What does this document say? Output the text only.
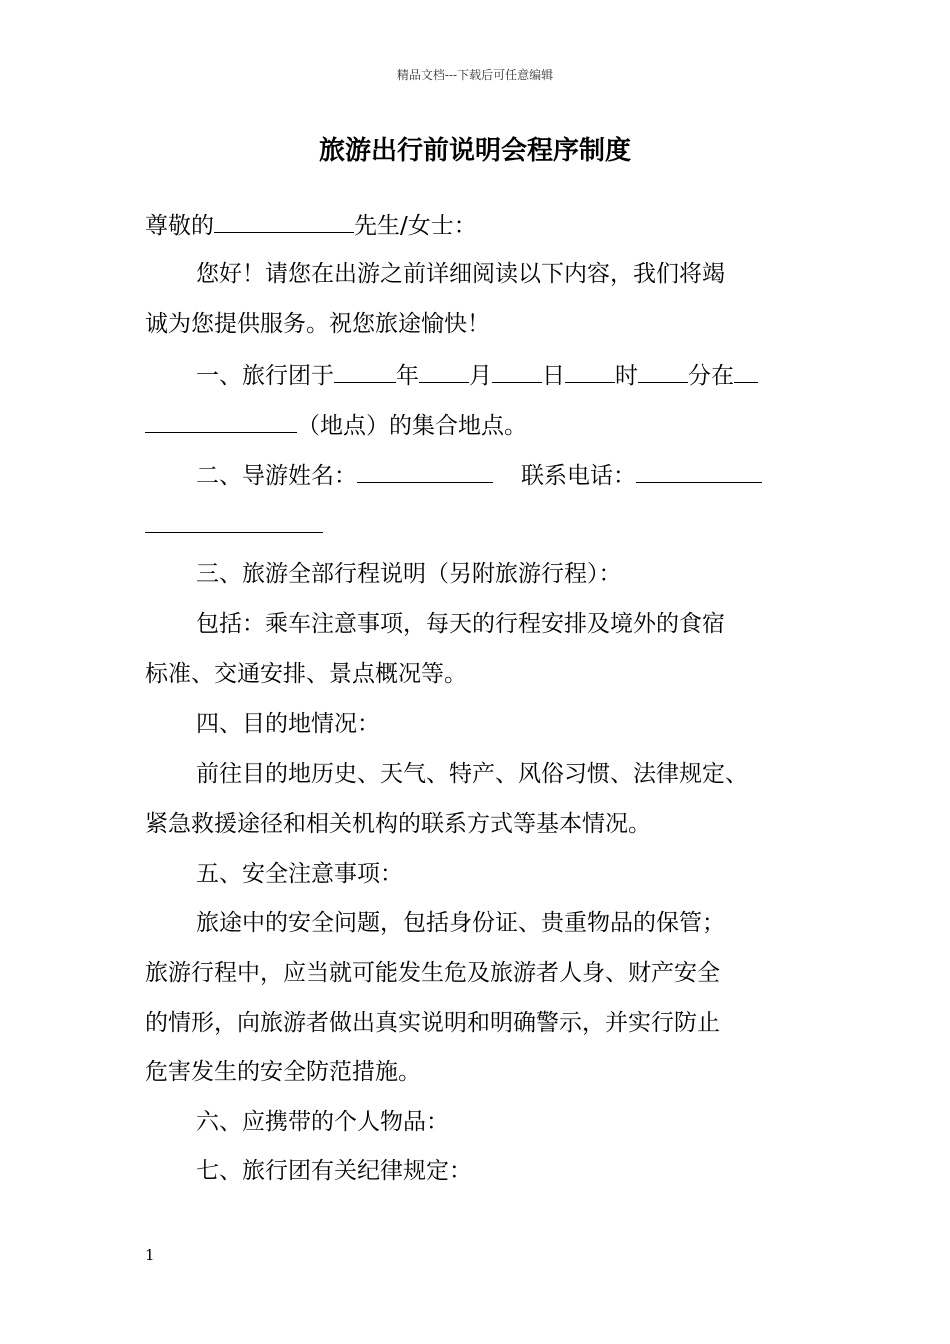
精品文档---下载后可任意编辑
旅游出行前说明会程序制度
尊敬的	先生/女士：
您好！请您在出游之前详细阅读以下内容，我们将竭
诚为您提供服务。祝您旅途愉快！
一、旅行团于	年 月 日 时 分在
（地点）的集合地点。
二、导游姓名：	联系电话：
三、旅游全部行程说明（另附旅游行程）：
包括：乘车注意事项，每天的行程安排及境外的食宿
标准、交通安排、景点概况等。
四、目的地情况：
前往目的地历史、天气、特产、风俗习惯、法律规定、
紧急救援途径和相关机构的联系方式等基本情况。
五、安全注意事项：
旅途中的安全问题，包括身份证、贵重物品的保管；
旅游行程中，应当就可能发生危及旅游者人身、财产安全
的情形，向旅游者做出真实说明和明确警示，并实行防止
危害发生的安全防范措施。
六、应携带的个人物品：
七、旅行团有关纪律规定：
1
